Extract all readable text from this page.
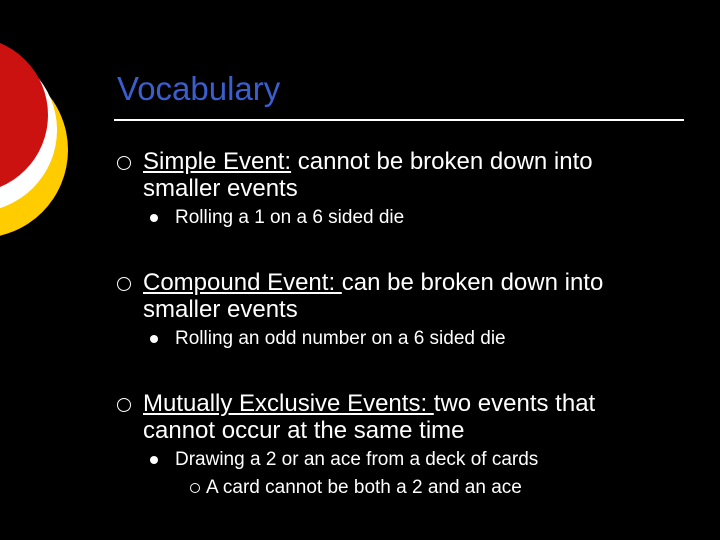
Vocabulary
Simple Event: cannot be broken down into smaller events
Rolling a 1 on a 6 sided die
Compound Event: can be broken down into smaller events
Rolling an odd number on a 6 sided die
Mutually Exclusive Events: two events that cannot occur at the same time
Drawing a 2 or an ace from a deck of cards
A card cannot be both a 2 and an ace
